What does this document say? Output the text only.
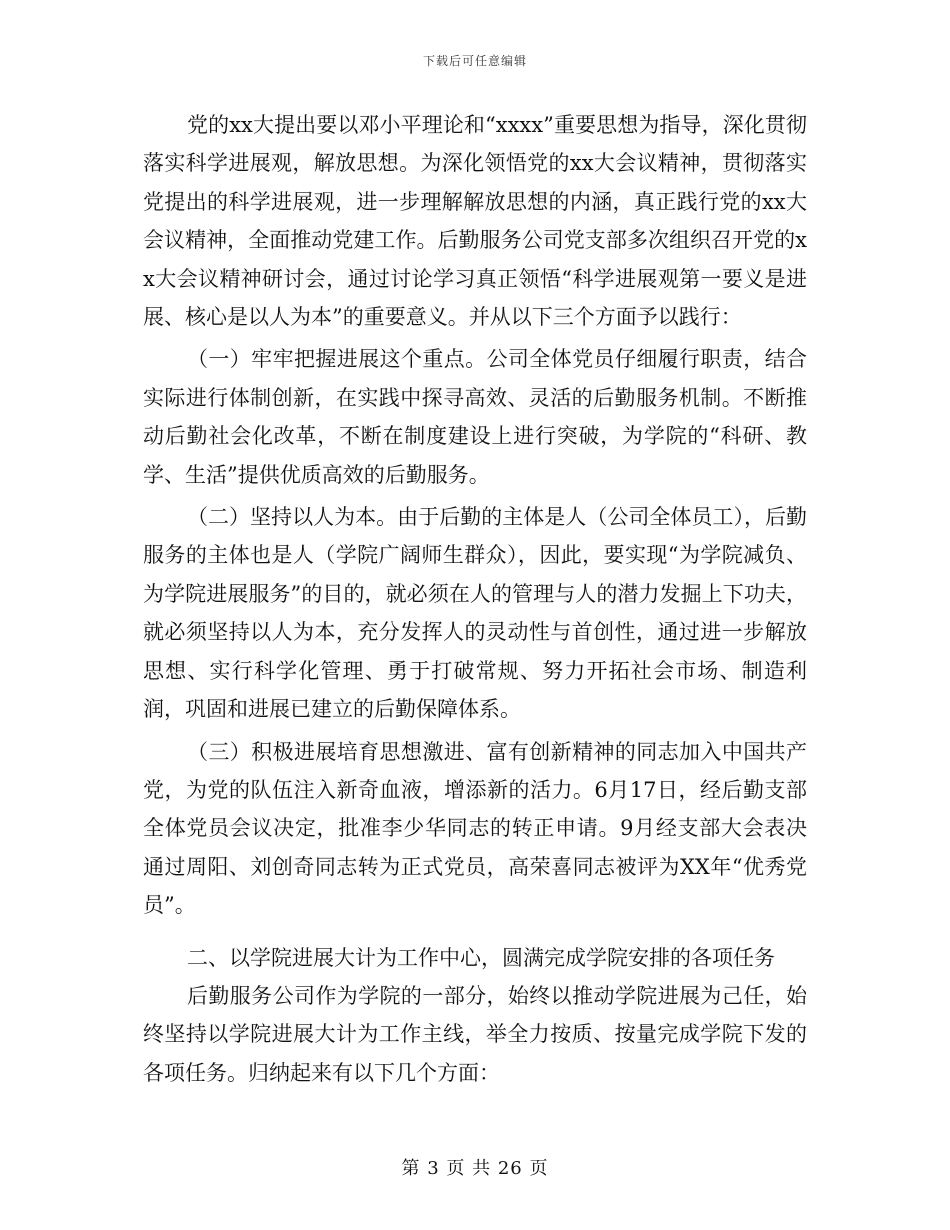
下载后可任意编辑

党的xx大提出要以邓小平理论和“xxxx”重要思想为指导，深化贯彻落实科学进展观，解放思想。为深化领悟党的xx大会议精神，贯彻落实党提出的科学进展观，进一步理解解放思想的内涵，真正践行党的xx大会议精神，全面推动党建工作。后勤服务公司党支部多次组织召开党的xx大会议精神研讨会，通过讨论学习真正领悟“科学进展观第一要义是进展、核心是以人为本”的重要意义。并从以下三个方面予以践行：

（一）牢牢把握进展这个重点。公司全体党员仔细履行职责，结合实际进行体制创新，在实践中探寻高效、灵活的后勤服务机制。不断推动后勤社会化改革，不断在制度建设上进行突破，为学院的“科研、教学、生活”提供优质高效的后勤服务。

（二）坚持以人为本。由于后勤的主体是人（公司全体员工），后勤服务的主体也是人（学院广阔师生群众），因此，要实现“为学院减负、为学院进展服务”的目的，就必须在人的管理与人的潜力发掘上下功夫，就必须坚持以人为本，充分发挥人的灵动性与首创性，通过进一步解放思想、实行科学化管理、勇于打破常规、努力开拓社会市场、制造利润，巩固和进展已建立的后勤保障体系。

（三）积极进展培育思想激进、富有创新精神的同志加入中国共产党，为党的队伍注入新奇血液，增添新的活力。6月17日，经后勤支部全体党员会议决定，批准李少华同志的转正申请。9月经支部大会表决通过周阳、刘创奇同志转为正式党员，高荣喜同志被评为XX年“优秀党员”。

二、以学院进展大计为工作中心，圆满完成学院安排的各项任务

后勤服务公司作为学院的一部分，始终以推动学院进展为己任，始终坚持以学院进展大计为工作主线，举全力按质、按量完成学院下发的各项任务。归纳起来有以下几个方面：

第 3 页 共 26 页
